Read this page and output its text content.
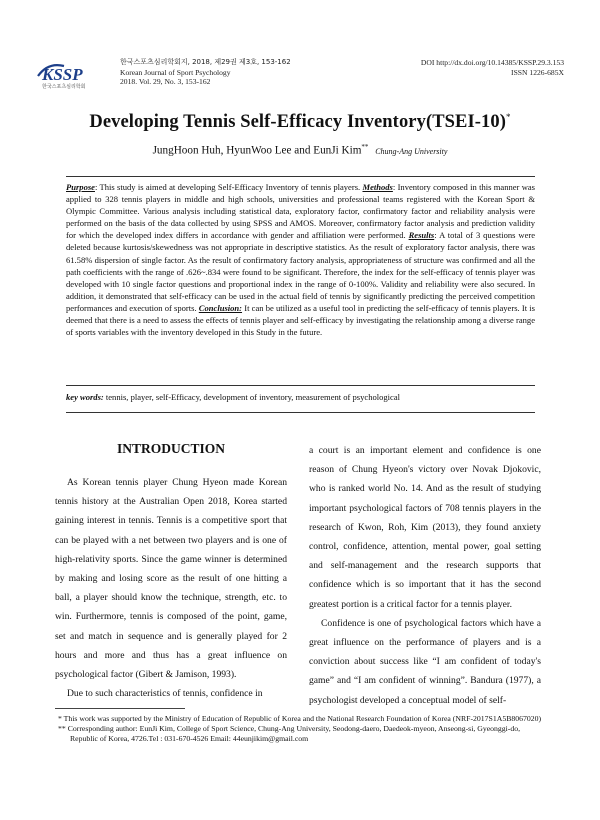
KSSP
한국스포츠심리학회
한국스포츠심리학회지, 2018, 제29권 제3호, 153-162
Korean Journal of Sport Psychology
2018. Vol. 29, No. 3, 153-162
DOI http://dx.doi.org/10.14385/KSSP.29.3.153
ISSN 1226-685X
Developing Tennis Self-Efficacy Inventory(TSEI-10)*
JungHoon Huh, HyunWoo Lee and EunJi Kim** Chung-Ang University
Purpose: This study is aimed at developing Self-Efficacy Inventory of tennis players. Methods: Inventory composed in this manner was applied to 328 tennis players in middle and high schools, universities and professional teams registered with the Korean Sport & Olympic Committee. Various analysis including statistical data, exploratory factor, confirmatory factor and reliability analysis were performed on the basis of the data collected by using SPSS and AMOS. Moreover, confirmatory factor analysis and prediction validity for which the developed index differs in accordance with gender and affiliation were performed. Results: A total of 3 questions were deleted because kurtosis/skewedness was not appropriate in descriptive statistics. As the result of exploratory factor analysis, there was 61.58% dispersion of single factor. As the result of confirmatory factory analysis, appropriateness of structure was confirmed and all the path coefficients with the range of .626~.834 were found to be significant. Therefore, the index for the self-efficacy of tennis player was developed with 10 single factor questions and proportional index in the range of 0-100%. Validity and reliability were also secured. In addition, it demonstrated that self-efficacy can be used in the actual field of tennis by significantly predicting the perceived competition performances and execution of sports. Conclusion: It can be utilized as a useful tool in predicting the self-efficacy of tennis players. It is deemed that there is a need to assess the effects of tennis player and self-efficacy by investigating the relationship among a diverse range of sports variables with the inventory developed in this Study in the future.
key words: tennis, player, self-Efficacy, development of inventory, measurement of psychological
INTRODUCTION

As Korean tennis player Chung Hyeon made Korean tennis history at the Australian Open 2018, Korea started gaining interest in tennis. Tennis is a competitive sport that can be played with a net between two players and is one of high-relativity sports. Since the game winner is determined by making and losing score as the result of one hitting a ball, a player should know the technique, strength, etc. to win. Furthermore, tennis is composed of the point, game, set and match in sequence and is generally played for 2 hours and more and thus has a great influence on psychological factor (Gibert & Jamison, 1993).

Due to such characteristics of tennis, confidence in

a court is an important element and confidence is one reason of Chung Hyeon's victory over Novak Djokovic, who is ranked world No. 14. And as the result of studying important psychological factors of 708 tennis players in the research of Kwon, Roh, Kim (2013), they found anxiety control, confidence, attention, mental power, goal setting and self-management and the research supports that confidence which is so important that it has the second greatest portion is a critical factor for a tennis player.

Confidence is one of psychological factors which have a great influence on the performance of players and is a conviction about success like “I am confident of today's game” and “I am confident of winning”. Bandura (1977), a psychologist developed a conceptual model of self-

* This work was supported by the Ministry of Education of Republic of Korea and the National Research Foundation of Korea (NRF-2017S1A5B8067020)

** Corresponding author: EunJi Kim, College of Sport Science, Chung-Ang University, Seodong-daero, Daedeok-myeon, Anseong-si, Gyeonggi-do, Republic of Korea, 4726.Tel : 031-670-4526 Email: 44eunjikim@gmail.com
